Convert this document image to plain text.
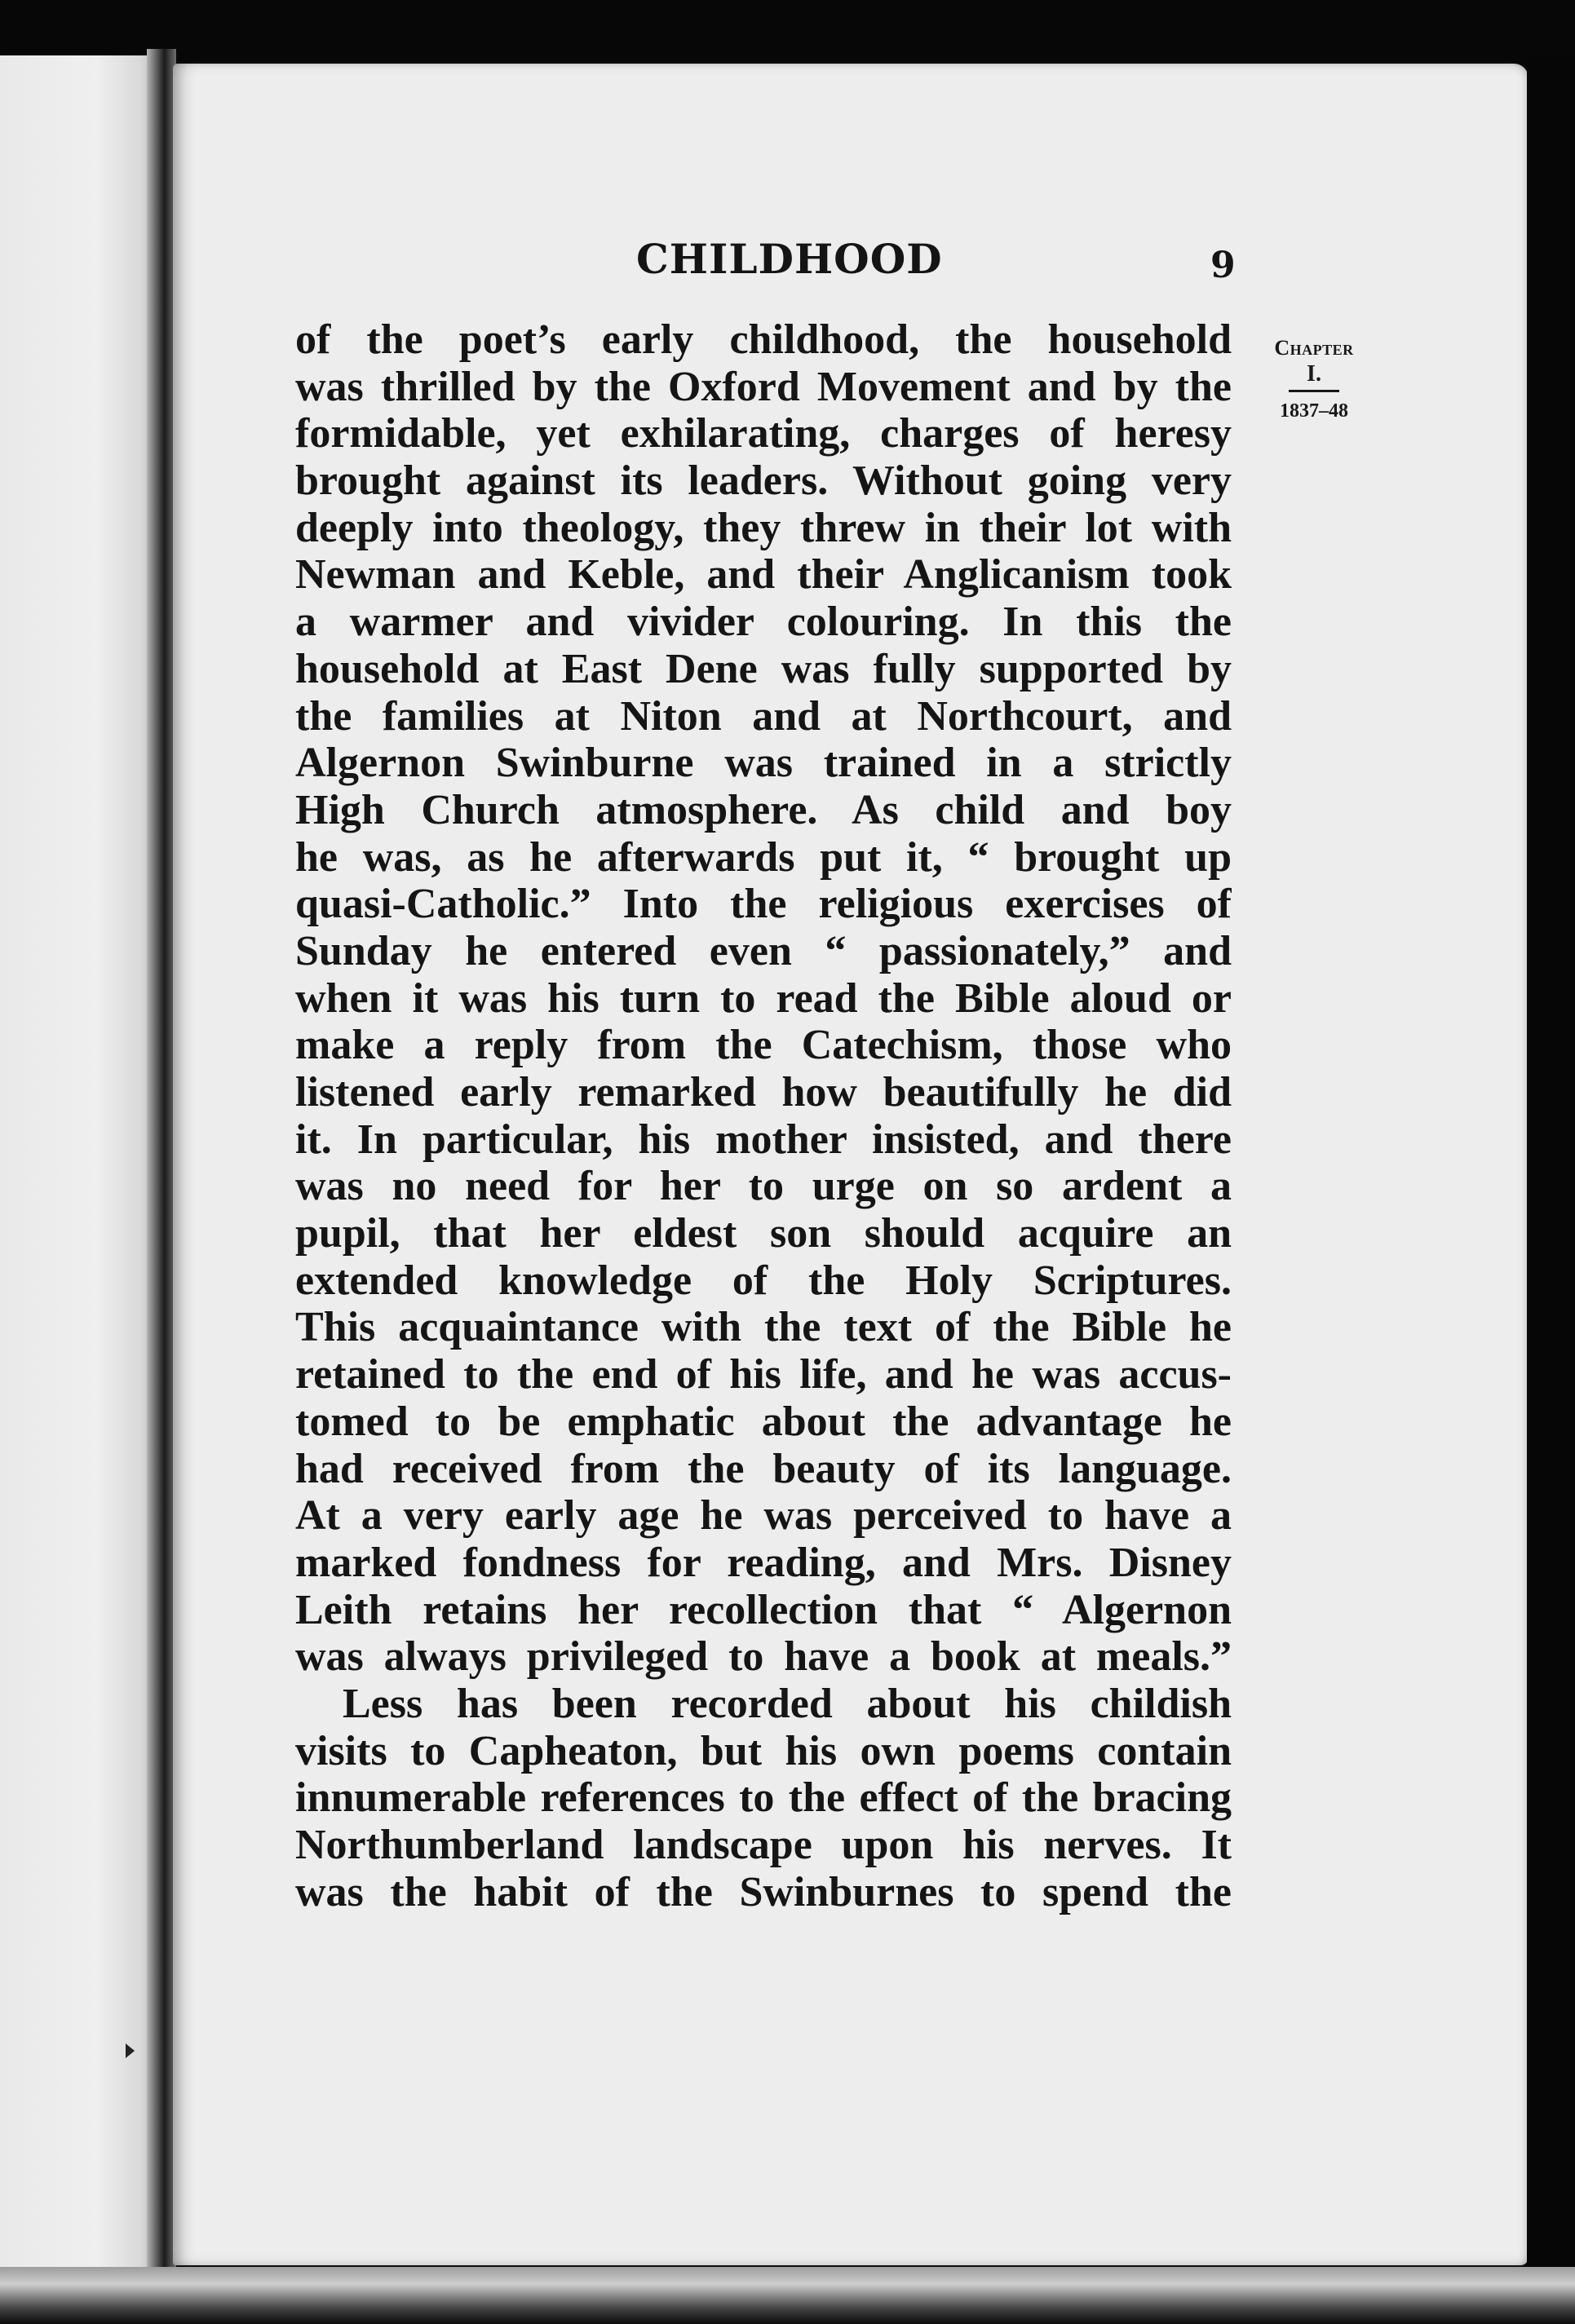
CHILDHOOD	9
Chapter
I.
1837–48
of the poet’s early childhood, the household
was thrilled by the Oxford Movement and by the
formidable, yet exhilarating, charges of heresy
brought against its leaders. Without going very
deeply into theology, they threw in their lot with
Newman and Keble, and their Anglicanism took
a warmer and vivider colouring. In this the
household at East Dene was fully supported by
the families at Niton and at Northcourt, and
Algernon Swinburne was trained in a strictly
High Church atmosphere. As child and boy
he was, as he afterwards put it, “ brought up
quasi-Catholic.” Into the religious exercises of
Sunday he entered even “ passionately,” and
when it was his turn to read the Bible aloud or
make a reply from the Catechism, those who
listened early remarked how beautifully he did
it. In particular, his mother insisted, and there
was no need for her to urge on so ardent a
pupil, that her eldest son should acquire an
extended knowledge of the Holy Scriptures.
This acquaintance with the text of the Bible he
retained to the end of his life, and he was accus-
tomed to be emphatic about the advantage he
had received from the beauty of its language.
At a very early age he was perceived to have a
marked fondness for reading, and Mrs. Disney
Leith retains her recollection that “ Algernon
was always privileged to have a book at meals.”
Less has been recorded about his childish
visits to Capheaton, but his own poems contain
innumerable references to the effect of the bracing
Northumberland landscape upon his nerves. It
was the habit of the Swinburnes to spend the
